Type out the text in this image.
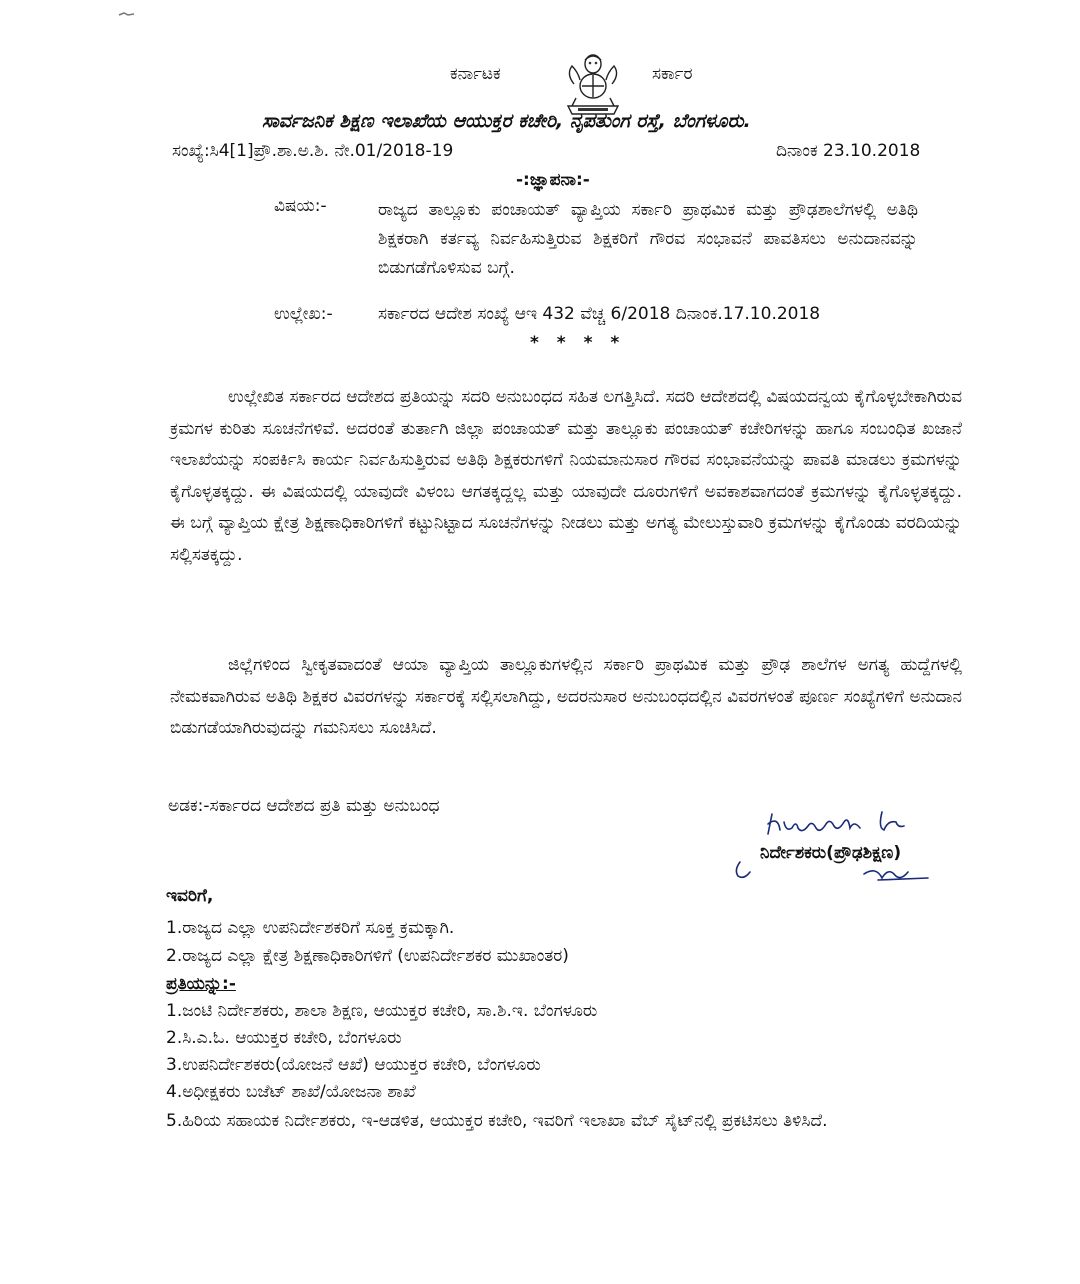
ಕರ್ನಾಟಕ	ಸರ್ಕಾರ
ಸಾರ್ವಜನಿಕ ಶಿಕ್ಷಣ ಇಲಾಖೆಯ ಆಯುಕ್ತರ ಕಚೇರಿ, ನೃಪತುಂಗ ರಸ್ತೆ, ಬೆಂಗಳೂರು.
ಸಂಖ್ಯೆ:ಸಿ4[1]ಪ್ರೌ.ಶಾ.ಅ.ಶಿ. ನೇ.01/2018-19	ದಿನಾಂಕ 23.10.2018
-:ಜ್ಞಾಪನಾ:-
ವಿಷಯ:-	ರಾಜ್ಯದ ತಾಲ್ಲೂಕು ಪಂಚಾಯತ್ ವ್ಯಾಪ್ತಿಯ ಸರ್ಕಾರಿ ಪ್ರಾಥಮಿಕ ಮತ್ತು ಪ್ರೌಢಶಾಲೆಗಳಲ್ಲಿ ಅತಿಥಿ ಶಿಕ್ಷಕರಾಗಿ ಕರ್ತವ್ಯ ನಿರ್ವಹಿಸುತ್ತಿರುವ ಶಿಕ್ಷಕರಿಗೆ ಗೌರವ ಸಂಭಾವನೆ ಪಾವತಿಸಲು ಅನುದಾನವನ್ನು ಬಿಡುಗಡೆಗೊಳಿಸುವ ಬಗ್ಗೆ.
ಉಲ್ಲೇಖ:-	ಸರ್ಕಾರದ ಆದೇಶ ಸಂಖ್ಯೆ ಆಇ 432 ವೆಚ್ಚ 6/2018 ದಿನಾಂಕ.17.10.2018
* * * *
ಉಲ್ಲೇಖಿತ ಸರ್ಕಾರದ ಆದೇಶದ ಪ್ರತಿಯನ್ನು ಸದರಿ ಅನುಬಂಧದ ಸಹಿತ ಲಗತ್ತಿಸಿದೆ. ಸದರಿ ಆದೇಶದಲ್ಲಿ ವಿಷಯದನ್ವಯ ಕೈಗೊಳ್ಳಬೇಕಾಗಿರುವ ಕ್ರಮಗಳ ಕುರಿತು ಸೂಚನೆಗಳಿವೆ. ಅದರಂತೆ ತುರ್ತಾಗಿ ಜಿಲ್ಲಾ ಪಂಚಾಯತ್ ಮತ್ತು ತಾಲ್ಲೂಕು ಪಂಚಾಯತ್ ಕಚೇರಿಗಳನ್ನು ಹಾಗೂ ಸಂಬಂಧಿತ ಖಜಾನೆ ಇಲಾಖೆಯನ್ನು ಸಂಪರ್ಕಿಸಿ ಕಾರ್ಯ ನಿರ್ವಹಿಸುತ್ತಿರುವ ಅತಿಥಿ ಶಿಕ್ಷಕರುಗಳಿಗೆ ನಿಯಮಾನುಸಾರ ಗೌರವ ಸಂಭಾವನೆಯನ್ನು ಪಾವತಿ ಮಾಡಲು ಕ್ರಮಗಳನ್ನು ಕೈಗೊಳ್ಳತಕ್ಕದ್ದು. ಈ ವಿಷಯದಲ್ಲಿ ಯಾವುದೇ ವಿಳಂಬ ಆಗತಕ್ಕದ್ದಲ್ಲ ಮತ್ತು ಯಾವುದೇ ದೂರುಗಳಿಗೆ ಅವಕಾಶವಾಗದಂತೆ ಕ್ರಮಗಳನ್ನು ಕೈಗೊಳ್ಳತಕ್ಕದ್ದು. ಈ ಬಗ್ಗೆ ವ್ಯಾಪ್ತಿಯ ಕ್ಷೇತ್ರ ಶಿಕ್ಷಣಾಧಿಕಾರಿಗಳಿಗೆ ಕಟ್ಟುನಿಟ್ಟಾದ ಸೂಚನೆಗಳನ್ನು ನೀಡಲು ಮತ್ತು ಅಗತ್ಯ ಮೇಲುಸ್ತುವಾರಿ ಕ್ರಮಗಳನ್ನು ಕೈಗೊಂಡು ವರದಿಯನ್ನು ಸಲ್ಲಿಸತಕ್ಕದ್ದು.
ಜಿಲ್ಲೆಗಳಿಂದ ಸ್ವೀಕೃತವಾದಂತೆ ಆಯಾ ವ್ಯಾಪ್ತಿಯ ತಾಲ್ಲೂಕುಗಳಲ್ಲಿನ ಸರ್ಕಾರಿ ಪ್ರಾಥಮಿಕ ಮತ್ತು ಪ್ರೌಢ ಶಾಲೆಗಳ ಅಗತ್ಯ ಹುದ್ದೆಗಳಲ್ಲಿ ನೇಮಕವಾಗಿರುವ ಅತಿಥಿ ಶಿಕ್ಷಕರ ವಿವರಗಳನ್ನು ಸರ್ಕಾರಕ್ಕೆ ಸಲ್ಲಿಸಲಾಗಿದ್ದು, ಅದರನುಸಾರ ಅನುಬಂಧದಲ್ಲಿನ ವಿವರಗಳಂತೆ ಪೂರ್ಣ ಸಂಖ್ಯೆಗಳಿಗೆ ಅನುದಾನ ಬಿಡುಗಡೆಯಾಗಿರುವುದನ್ನು ಗಮನಿಸಲು ಸೂಚಿಸಿದೆ.
ಅಡಕ:-ಸರ್ಕಾರದ ಆದೇಶದ ಪ್ರತಿ ಮತ್ತು ಅನುಬಂಧ
ನಿರ್ದೇಶಕರು(ಪ್ರೌಢಶಿಕ್ಷಣ)
ಇವರಿಗೆ,
1.ರಾಜ್ಯದ ಎಲ್ಲಾ ಉಪನಿರ್ದೇಶಕರಿಗೆ ಸೂಕ್ತ ಕ್ರಮಕ್ಕಾಗಿ.
2.ರಾಜ್ಯದ ಎಲ್ಲಾ ಕ್ಷೇತ್ರ ಶಿಕ್ಷಣಾಧಿಕಾರಿಗಳಿಗೆ (ಉಪನಿರ್ದೇಶಕರ ಮುಖಾಂತರ)
ಪ್ರತಿಯನ್ನು:-
1.ಜಂಟಿ ನಿರ್ದೇಶಕರು, ಶಾಲಾ ಶಿಕ್ಷಣ, ಆಯುಕ್ತರ ಕಚೇರಿ, ಸಾ.ಶಿ.ಇ. ಬೆಂಗಳೂರು
2.ಸಿ.ಎ.ಓ. ಆಯುಕ್ತರ ಕಚೇರಿ, ಬೆಂಗಳೂರು
3.ಉಪನಿರ್ದೇಶಕರು(ಯೋಜನೆ ಆಖೆ) ಆಯುಕ್ತರ ಕಚೇರಿ, ಬೆಂಗಳೂರು
4.ಅಧೀಕ್ಷಕರು ಬಜೆಟ್ ಶಾಖೆ/ಯೋಜನಾ ಶಾಖೆ
5.ಹಿರಿಯ ಸಹಾಯಕ ನಿರ್ದೇಶಕರು, ಇ-ಆಡಳಿತ, ಆಯುಕ್ತರ ಕಚೇರಿ, ಇವರಿಗೆ ಇಲಾಖಾ ವೆಬ್ ಸೈಟ್‌ನಲ್ಲಿ ಪ್ರಕಟಿಸಲು ತಿಳಿಸಿದೆ.
